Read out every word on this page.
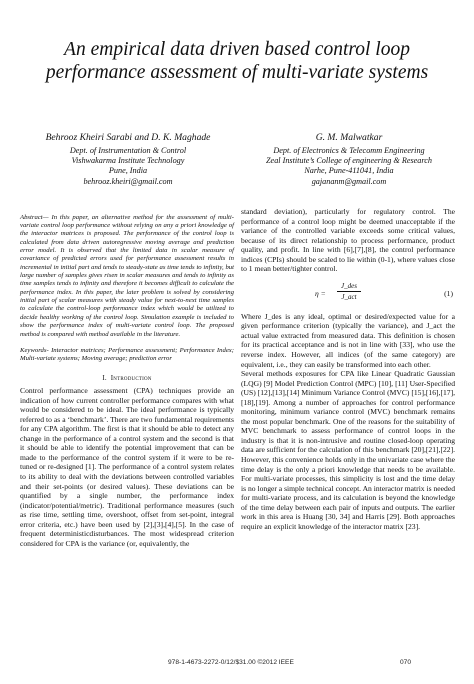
An empirical data driven based control loop
performance assessment of multi-variate systems
Behrooz Kheiri Sarabi and D. K. Maghade
Dept. of Instrumentation & Control
Vishwakarma Institute Technology
Pune, India
behrooz.kheiri@gmail.com
G. M. Malwatkar
Dept. of Electronics & Telecomm Engineering
Zeal Institute’s College of engineering & Research
Narhe, Pune-411041, India
gajananm@gmail.com

Abstract— In this paper, an alternative method for the assessment of multi-variate control loop performance without relying on any a priori knowledge of the interactor matrices is proposed. The performance of the control loop is calculated from data driven autoregressive moving average and prediction error model. It is observed that the limited data in scalar measure of covariance of predicted errors used for performance assessment results in incremental in initial part and tends to steady-state as time tends to infinity, but large number of samples gives risen in scalar measures and tends to infinity as time samples tends to infinity and therefore it becomes difficult to calculate the performance index. In this paper, the later problem is solved by considering initial part of scalar measures with steady value for next-to-next time samples to calculate the control-loop performance index which would be utilized to decide healthy working of the control loop. Simulation example is included to show the performance index of multi-variate control loop. The proposed method is compared with method available in the literature.

Keywords- Interactor matrices; Performance assessment; Performance Index; Multi-variate systems; Moving average; prediction error

I. Introduction

Control performance assessment (CPA) techniques provide an indication of how current controller performance compares with what would be considered to be ideal. The ideal performance is typically referred to as a ‘benchmark’. There are two fundamental requirements for any CPA algorithm. The first is that it should be able to detect any change in the performance of a control system and the second is that it should be able to identify the potential improvement that can be made to the performance of the control system if it were to be re-tuned or re-designed [1]. The performance of a control system relates to its ability to deal with the deviations between controlled variables and their set-points (or desired values). These deviations can be quantified by a single number, the performance index (indicator/potential/metric). Traditional performance measures (such as rise time, settling time, overshoot, offset from set-point, integral error criteria, etc.) have been used by [2],[3],[4],[5]. In the case of frequent deterministicdisturbances. The most widespread criterion considered for CPA is the variance (or, equivalently, the

standard deviation), particularly for regulatory control. The performance of a control loop might be deemed unacceptable if the variance of the controlled variable exceeds some critical values, because of its direct relationship to process performance, product quality, and profit. In line with [6],[7],[8], the control performance indices (CPIs) should be scaled to lie within (0-1), where values close to 1 mean better/tighter control.

η =
J_des
J_act	(1)

Where J_des is any ideal, optimal or desired/expected value for a given performance criterion (typically the variance), and J_act the actual value extracted from measured data. This definition is chosen for its practical acceptance and is not in line with [33], who use the reverse index. However, all indices (of the same category) are equivalent, i.e., they can easily be transformed into each other.

Several methods exposures for CPA like Linear Quadratic Gaussian (LQG) [9] Model Prediction Control (MPC) [10], [11] User-Specified (US) [12],[13],[14] Minimum Variance Control (MVC) [15],[16],[17],[18],[19]. Among a number of approaches for control performance monitoring, minimum variance control (MVC) benchmark remains the most popular benchmark. One of the reasons for the suitability of MVC benchmark to assess performance of control loops in the industry is that it is non-intrusive and routine closed-loop operating data are sufficient for the calculation of this benchmark [20],[21],[22]. However, this convenience holds only in the univariate case where the time delay is the only a priori knowledge that needs to be available. For multi-variate processes, this simplicity is lost and the time delay is no longer a simple technical concept. An interactor matrix is needed for multi-variate process, and its calculation is beyond the knowledge of the time delay between each pair of inputs and outputs. The earlier work in this area is Huang [30, 34] and Harris [29]. Both approaches require an explicit knowledge of the interactor matrix [23].

978-1-4673-2272-0/12/$31.00 ©2012 IEEE	070
